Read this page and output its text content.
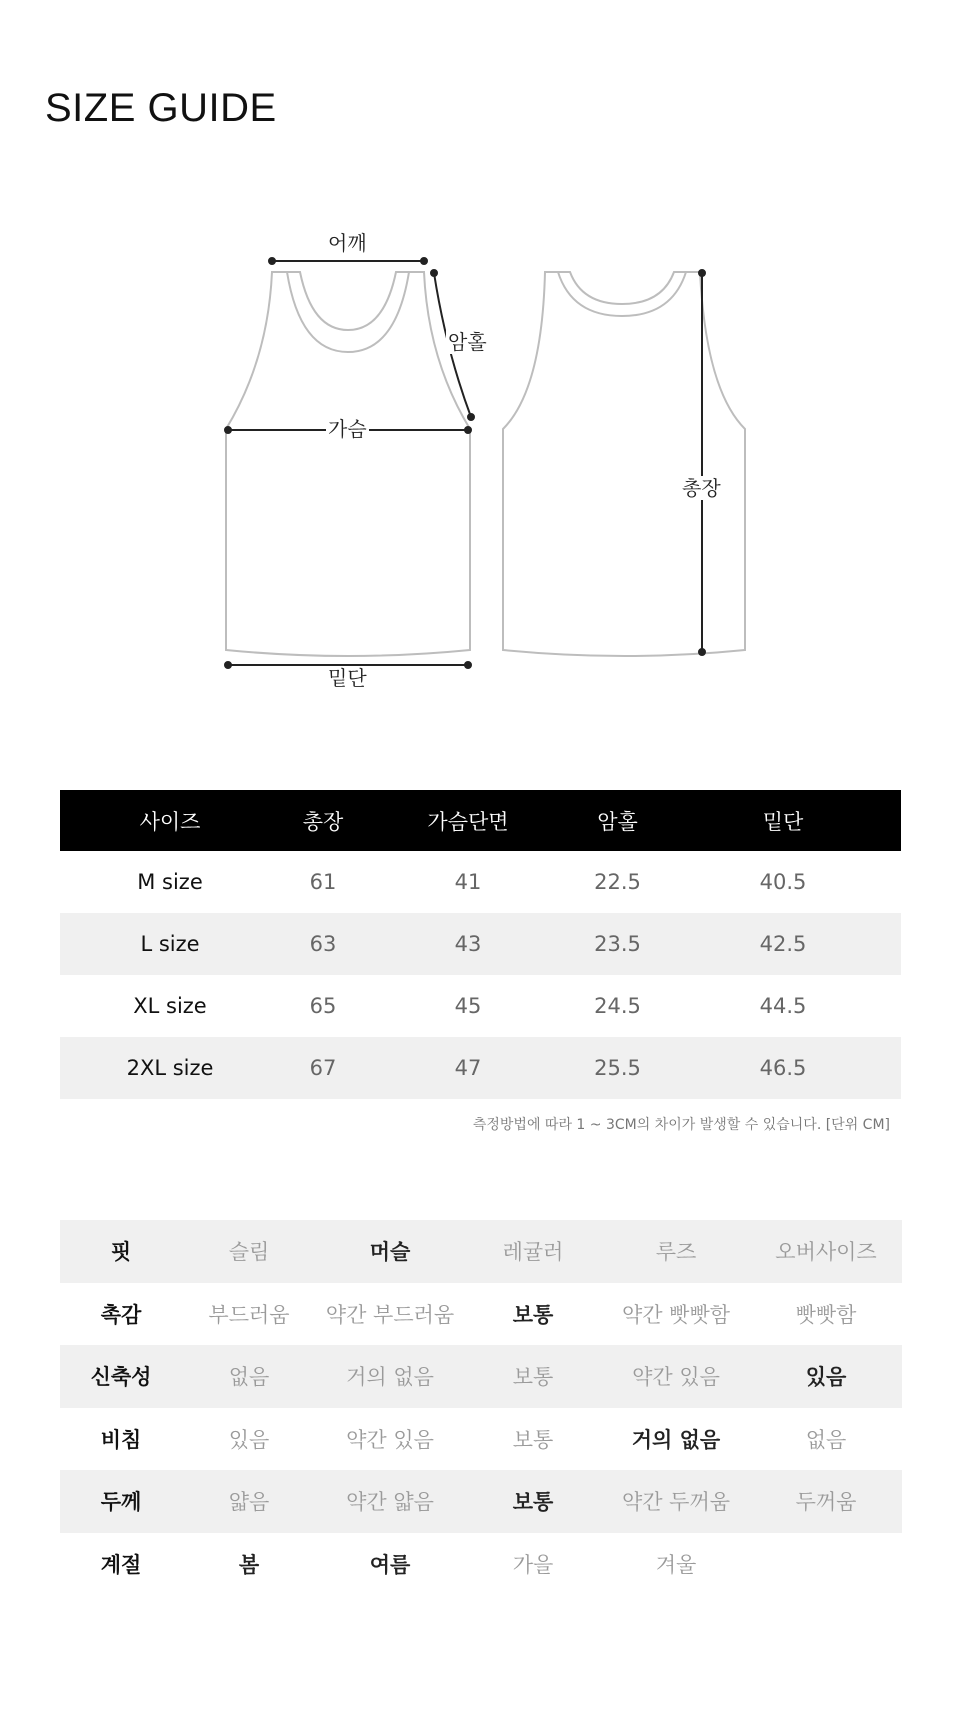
SIZE GUIDE
어깨
암홀
가슴
밑단
총장
사이즈	총장	가슴단면	암홀	밑단
M size	61	41	22.5	40.5
L size	63	43	23.5	42.5
XL size	65	45	24.5	44.5
2XL size	67	47	25.5	46.5
측정방법에 따라 1 ~ 3CM의 차이가 발생할 수 있습니다. [단위 CM]
핏	슬림	머슬	레귤러	루즈	오버사이즈
촉감	부드러움	약간 부드러움	보통	약간 빳빳함	빳빳함
신축성	없음	거의 없음	보통	약간 있음	있음
비침	있음	약간 있음	보통	거의 없음	없음
두께	얇음	약간 얇음	보통	약간 두꺼움	두꺼움
계절	봄	여름	가을	겨울	
